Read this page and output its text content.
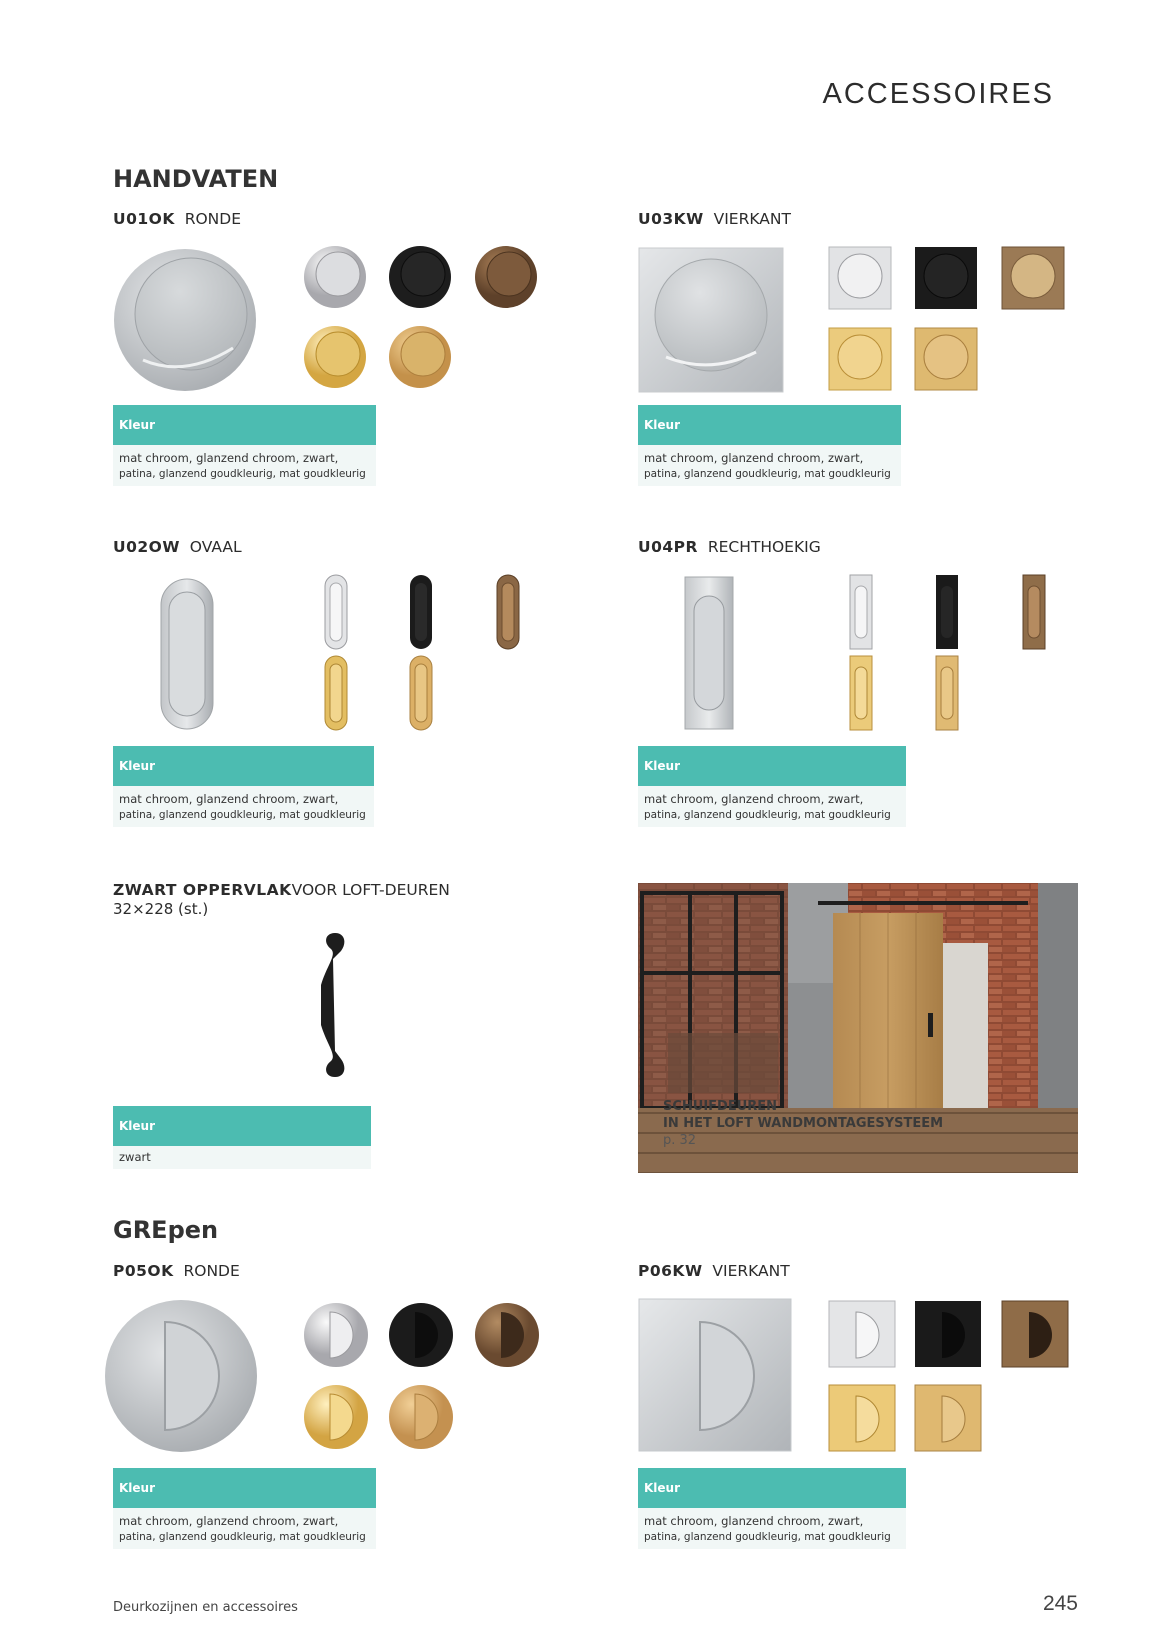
ACCESSOIRES
HANDVATEN
U01OK RONDE
Kleur
mat chroom, glanzend chroom, zwart,
patina, glanzend goudkleurig, mat goudkleurig
U03KW VIERKANT
Kleur
mat chroom, glanzend chroom, zwart,
patina, glanzend goudkleurig, mat goudkleurig
U02OW OVAAL
Kleur
mat chroom, glanzend chroom, zwart,
patina, glanzend goudkleurig, mat goudkleurig
U04PR RECHTHOEKIG
Kleur
mat chroom, glanzend chroom, zwart,
patina, glanzend goudkleurig, mat goudkleurig
ZWART OPPERVLAKVOOR LOFT-DEUREN
32×228 (st.)
Kleur
zwart
SCHUIFDEUREN
IN HET LOFT WANDMONTAGESYSTEEM
p. 32
GREpen
P05OK RONDE
Kleur
mat chroom, glanzend chroom, zwart,
patina, glanzend goudkleurig, mat goudkleurig
P06KW VIERKANT
Kleur
mat chroom, glanzend chroom, zwart,
patina, glanzend goudkleurig, mat goudkleurig
Deurkozijnen en accessoires	245
